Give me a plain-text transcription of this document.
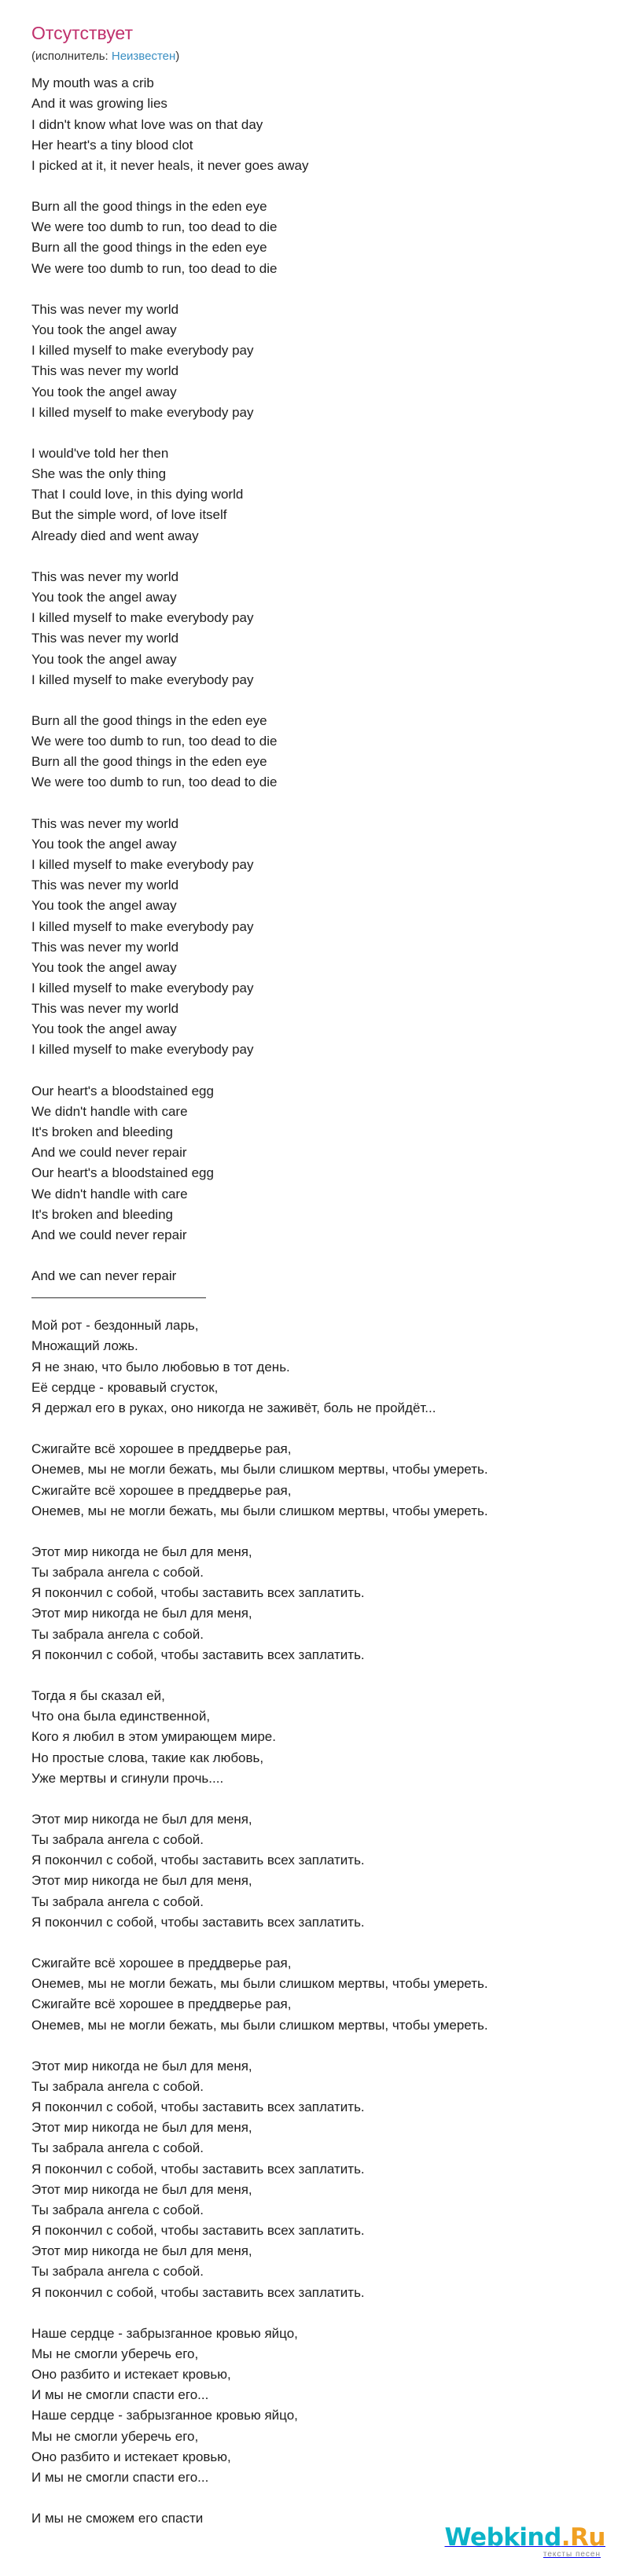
Отсутствует
(исполнитель: Неизвестен)
My mouth was a crib
And it was growing lies
I didn't know what love was on that day
Her heart's a tiny blood clot
I picked at it, it never heals, it never goes away
Burn all the good things in the eden eye
We were too dumb to run, too dead to die
Burn all the good things in the eden eye
We were too dumb to run, too dead to die
This was never my world
You took the angel away
I killed myself to make everybody pay
This was never my world
You took the angel away
I killed myself to make everybody pay
I would've told her then
She was the only thing
That I could love, in this dying world
But the simple word, of love itself
Already died and went away
This was never my world
You took the angel away
I killed myself to make everybody pay
This was never my world
You took the angel away
I killed myself to make everybody pay
Burn all the good things in the eden eye
We were too dumb to run, too dead to die
Burn all the good things in the eden eye
We were too dumb to run, too dead to die
This was never my world
You took the angel away
I killed myself to make everybody pay
This was never my world
You took the angel away
I killed myself to make everybody pay
This was never my world
You took the angel away
I killed myself to make everybody pay
This was never my world
You took the angel away
I killed myself to make everybody pay
Our heart's a bloodstained egg
We didn't handle with care
It's broken and bleeding
And we could never repair
Our heart's a bloodstained egg
We didn't handle with care
It's broken and bleeding
And we could never repair
And we can never repair
Мой рот - бездонный ларь,
Множащий ложь.
Я не знаю, что было любовью в тот день.
Её сердце - кровавый сгусток,
Я держал его в руках, оно никогда не заживёт, боль не пройдёт...
Сжигайте всё хорошее в преддверье рая,
Онемев, мы не могли бежать, мы были слишком мертвы, чтобы умереть.
Сжигайте всё хорошее в преддверье рая,
Онемев, мы не могли бежать, мы были слишком мертвы, чтобы умереть.
Этот мир никогда не был для меня,
Ты забрала ангела с собой.
Я покончил с собой, чтобы заставить всех заплатить.
Этот мир никогда не был для меня,
Ты забрала ангела с собой.
Я покончил с собой, чтобы заставить всех заплатить.
Тогда я бы сказал ей,
Что она была единственной,
Кого я любил в этом умирающем мире.
Но простые слова, такие как любовь,
Уже мертвы и сгинули прочь....
Этот мир никогда не был для меня,
Ты забрала ангела с собой.
Я покончил с собой, чтобы заставить всех заплатить.
Этот мир никогда не был для меня,
Ты забрала ангела с собой.
Я покончил с собой, чтобы заставить всех заплатить.
Сжигайте всё хорошее в преддверье рая,
Онемев, мы не могли бежать, мы были слишком мертвы, чтобы умереть.
Сжигайте всё хорошее в преддверье рая,
Онемев, мы не могли бежать, мы были слишком мертвы, чтобы умереть.
Этот мир никогда не был для меня,
Ты забрала ангела с собой.
Я покончил с собой, чтобы заставить всех заплатить.
Этот мир никогда не был для меня,
Ты забрала ангела с собой.
Я покончил с собой, чтобы заставить всех заплатить.
Этот мир никогда не был для меня,
Ты забрала ангела с собой.
Я покончил с собой, чтобы заставить всех заплатить.
Этот мир никогда не был для меня,
Ты забрала ангела с собой.
Я покончил с собой, чтобы заставить всех заплатить.
Наше сердце - забрызганное кровью яйцо,
Мы не смогли уберечь его,
Оно разбито и истекает кровью,
И мы не смогли спасти его...
Наше сердце - забрызганное кровью яйцо,
Мы не смогли уберечь его,
Оно разбито и истекает кровью,
И мы не смогли спасти его...
И мы не сможем его спасти
Webkind.Ru
тексты песен
